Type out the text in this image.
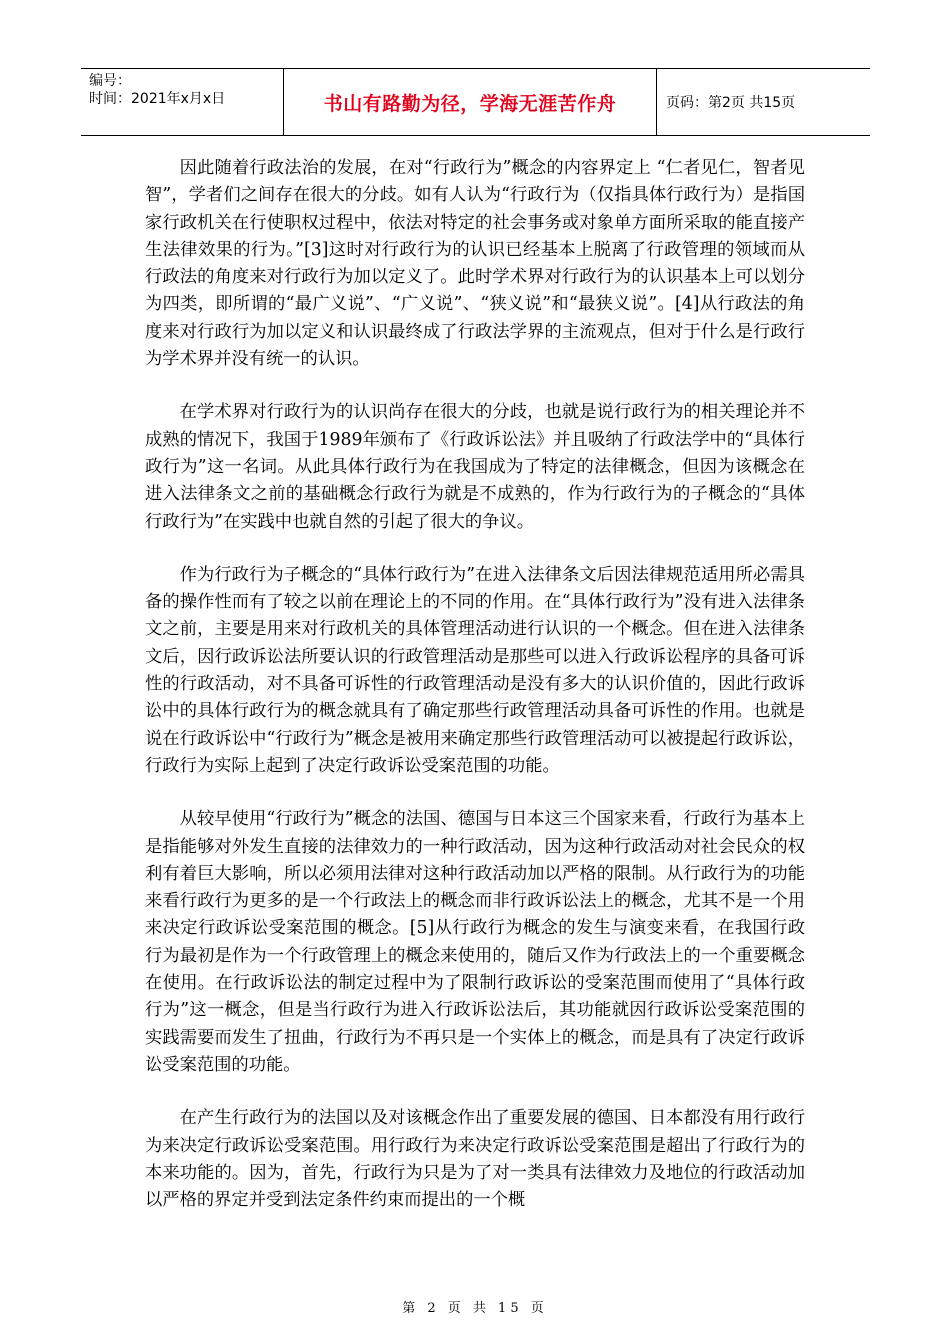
编号：
时间：2021年x月x日	书山有路勤为径，学海无涯苦作舟	页码：第2页 共15页

因此随着行政法治的发展，在对“行政行为”概念的内容界定上 “仁者见仁，智者见智”，学者们之间存在很大的分歧。如有人认为“行政行为（仅指具体行政行为）是指国家行政机关在行使职权过程中，依法对特定的社会事务或对象单方面所采取的能直接产生法律效果的行为。”[3]这时对行政行为的认识已经基本上脱离了行政管理的领域而从行政法的角度来对行政行为加以定义了。此时学术界对行政行为的认识基本上可以划分为四类，即所谓的“最广义说”、“广义说”、“狭义说”和“最狭义说”。[4]从行政法的角度来对行政行为加以定义和认识最终成了行政法学界的主流观点，但对于什么是行政行为学术界并没有统一的认识。

在学术界对行政行为的认识尚存在很大的分歧，也就是说行政行为的相关理论并不成熟的情况下，我国于1989年颁布了《行政诉讼法》并且吸纳了行政法学中的“具体行政行为”这一名词。从此具体行政行为在我国成为了特定的法律概念，但因为该概念在进入法律条文之前的基础概念行政行为就是不成熟的，作为行政行为的子概念的“具体行政行为”在实践中也就自然的引起了很大的争议。

作为行政行为子概念的“具体行政行为”在进入法律条文后因法律规范适用所必需具备的操作性而有了较之以前在理论上的不同的作用。在“具体行政行为”没有进入法律条文之前，主要是用来对行政机关的具体管理活动进行认识的一个概念。但在进入法律条文后，因行政诉讼法所要认识的行政管理活动是那些可以进入行政诉讼程序的具备可诉性的行政活动，对不具备可诉性的行政管理活动是没有多大的认识价值的，因此行政诉讼中的具体行政行为的概念就具有了确定那些行政管理活动具备可诉性的作用。也就是说在行政诉讼中“行政行为”概念是被用来确定那些行政管理活动可以被提起行政诉讼，行政行为实际上起到了决定行政诉讼受案范围的功能。

从较早使用“行政行为”概念的法国、德国与日本这三个国家来看，行政行为基本上是指能够对外发生直接的法律效力的一种行政活动，因为这种行政活动对社会民众的权利有着巨大影响，所以必须用法律对这种行政活动加以严格的限制。从行政行为的功能来看行政行为更多的是一个行政法上的概念而非行政诉讼法上的概念，尤其不是一个用来决定行政诉讼受案范围的概念。[5]从行政行为概念的发生与演变来看，在我国行政行为最初是作为一个行政管理上的概念来使用的，随后又作为行政法上的一个重要概念在使用。在行政诉讼法的制定过程中为了限制行政诉讼的受案范围而使用了“具体行政行为”这一概念，但是当行政行为进入行政诉讼法后，其功能就因行政诉讼受案范围的实践需要而发生了扭曲，行政行为不再只是一个实体上的概念，而是具有了决定行政诉讼受案范围的功能。

在产生行政行为的法国以及对该概念作出了重要发展的德国、日本都没有用行政行为来决定行政诉讼受案范围。用行政行为来决定行政诉讼受案范围是超出了行政行为的本来功能的。因为，首先，行政行为只是为了对一类具有法律效力及地位的行政活动加以严格的界定并受到法定条件约束而提出的一个概

第 2 页 共 15 页
